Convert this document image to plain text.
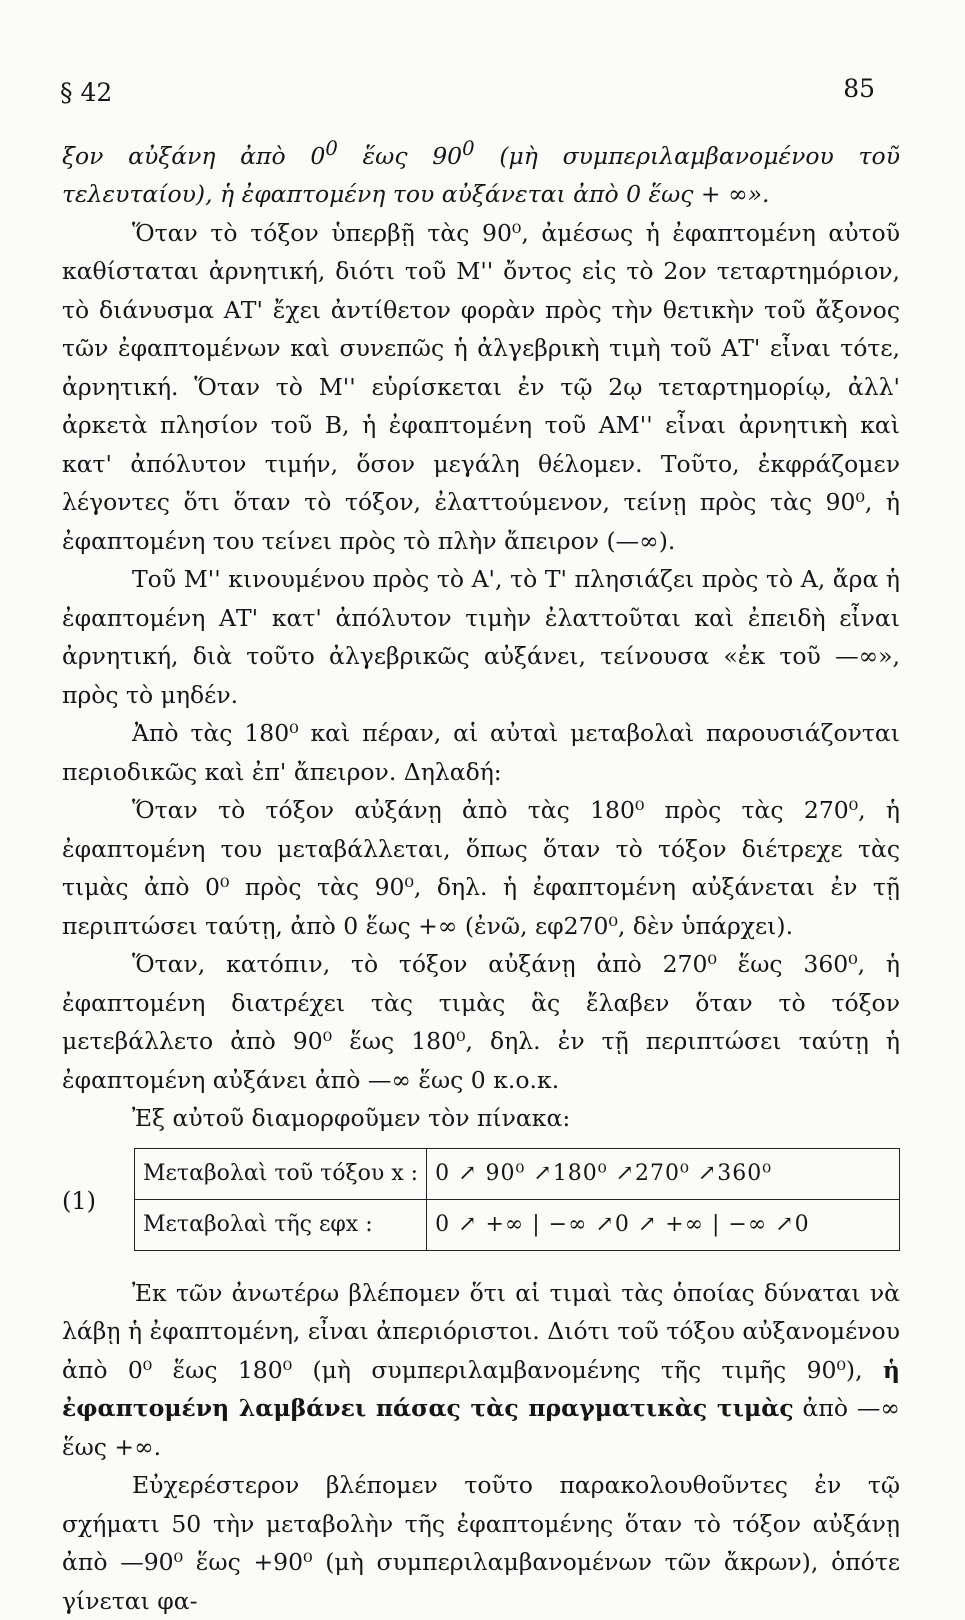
§ 42	85

ξον αὐξάνη ἀπὸ $0^0$ ἕως $90^0$ (μὴ συμπεριλαμβανομένου τοῦ τελευταίου), ἡ ἐφαπτομένη του αὐξάνεται ἀπὸ 0 ἕως + ∞».

Ὅταν τὸ τόξον ὑπερβῇ τὰς 90⁰, ἀμέσως ἡ ἐφαπτομένη αὐτοῦ καθίσταται ἀρνητική, διότι τοῦ Μ'' ὄντος εἰς τὸ 2ον τεταρτημόριον, τὸ διάνυσμα ΑΤ' ἔχει ἀντίθετον φορὰν πρὸς τὴν θετικὴν τοῦ ἄξονος τῶν ἐφαπτομένων καὶ συνεπῶς ἡ ἀλγεβρικὴ τιμὴ τοῦ ΑΤ' εἶναι τότε, ἀρνητική. Ὅταν τὸ Μ'' εὑρίσκεται ἐν τῷ 2ῳ τεταρτημορίῳ, ἀλλ' ἀρκετὰ πλησίον τοῦ Β, ἡ ἐφαπτομένη τοῦ ΑΜ'' εἶναι ἀρνητικὴ καὶ κατ' ἀπόλυτον τιμήν, ὅσον μεγάλη θέλομεν. Τοῦτο, ἐκφράζομεν λέγοντες ὅτι ὅταν τὸ τόξον, ἐλαττούμενον, τείνῃ πρὸς τὰς 90⁰, ἡ ἐφαπτομένη του τείνει πρὸς τὸ πλὴν ἄπειρον (—∞).

Τοῦ Μ'' κινουμένου πρὸς τὸ Α', τὸ Τ' πλησιάζει πρὸς τὸ Α, ἄρα ἡ ἐφαπτομένη ΑΤ' κατ' ἀπόλυτον τιμὴν ἐλαττοῦται καὶ ἐπειδὴ εἶναι ἀρνητική, διὰ τοῦτο ἀλγεβρικῶς αὐξάνει, τείνουσα «ἐκ τοῦ —∞», πρὸς τὸ μηδέν.

Ἀπὸ τὰς 180⁰ καὶ πέραν, αἱ αὐταὶ μεταβολαὶ παρουσιάζονται περιοδικῶς καὶ ἐπ' ἄπειρον. Δηλαδή:

Ὅταν τὸ τόξον αὐξάνῃ ἀπὸ τὰς 180⁰ πρὸς τὰς 270⁰, ἡ ἐφαπτομένη του μεταβάλλεται, ὅπως ὅταν τὸ τόξον διέτρεχε τὰς τιμὰς ἀπὸ 0⁰ πρὸς τὰς 90⁰, δηλ. ἡ ἐφαπτομένη αὐξάνεται ἐν τῇ περιπτώσει ταύτῃ, ἀπὸ 0 ἕως +∞ (ἐνῶ, εφ270⁰, δὲν ὑπάρχει).

Ὅταν, κατόπιν, τὸ τόξον αὐξάνῃ ἀπὸ 270⁰ ἕως 360⁰, ἡ ἐφαπτομένη διατρέχει τὰς τιμὰς ἃς ἔλαβεν ὅταν τὸ τόξον μετεβάλλετο ἀπὸ 90⁰ ἕως 180⁰, δηλ. ἐν τῇ περιπτώσει ταύτῃ ἡ ἐφαπτομένη αὐξάνει ἀπὸ —∞ ἕως 0 κ.ο.κ.

Ἐξ αὐτοῦ διαμορφοῦμεν τὸν πίνακα:

(1)
Μεταβολαὶ τοῦ τόξου x :	0 ↗ 90⁰ ↗180⁰ ↗270⁰ ↗360⁰
Μεταβολαὶ τῆς εφx :	0 ↗ +∞ | −∞ ↗0 ↗ +∞ | −∞ ↗0

Ἐκ τῶν ἀνωτέρω βλέπομεν ὅτι αἱ τιμαὶ τὰς ὁποίας δύναται νὰ λάβῃ ἡ ἐφαπτομένη, εἶναι ἀπεριόριστοι. Διότι τοῦ τόξου αὐξανομένου ἀπὸ 0⁰ ἕως 180⁰ (μὴ συμπεριλαμβανομένης τῆς τιμῆς 90⁰), ἡ ἐφαπτομένη λαμβάνει πάσας τὰς πραγματικὰς τιμὰς ἀπὸ —∞ ἕως +∞.

Εὐχερέστερον βλέπομεν τοῦτο παρακολουθοῦντες ἐν τῷ σχήματι 50 τὴν μεταβολὴν τῆς ἐφαπτομένης ὅταν τὸ τόξον αὐξάνῃ ἀπὸ —90⁰ ἕως +90⁰ (μὴ συμπεριλαμβανομένων τῶν ἄκρων), ὁπότε γίνεται φα-
